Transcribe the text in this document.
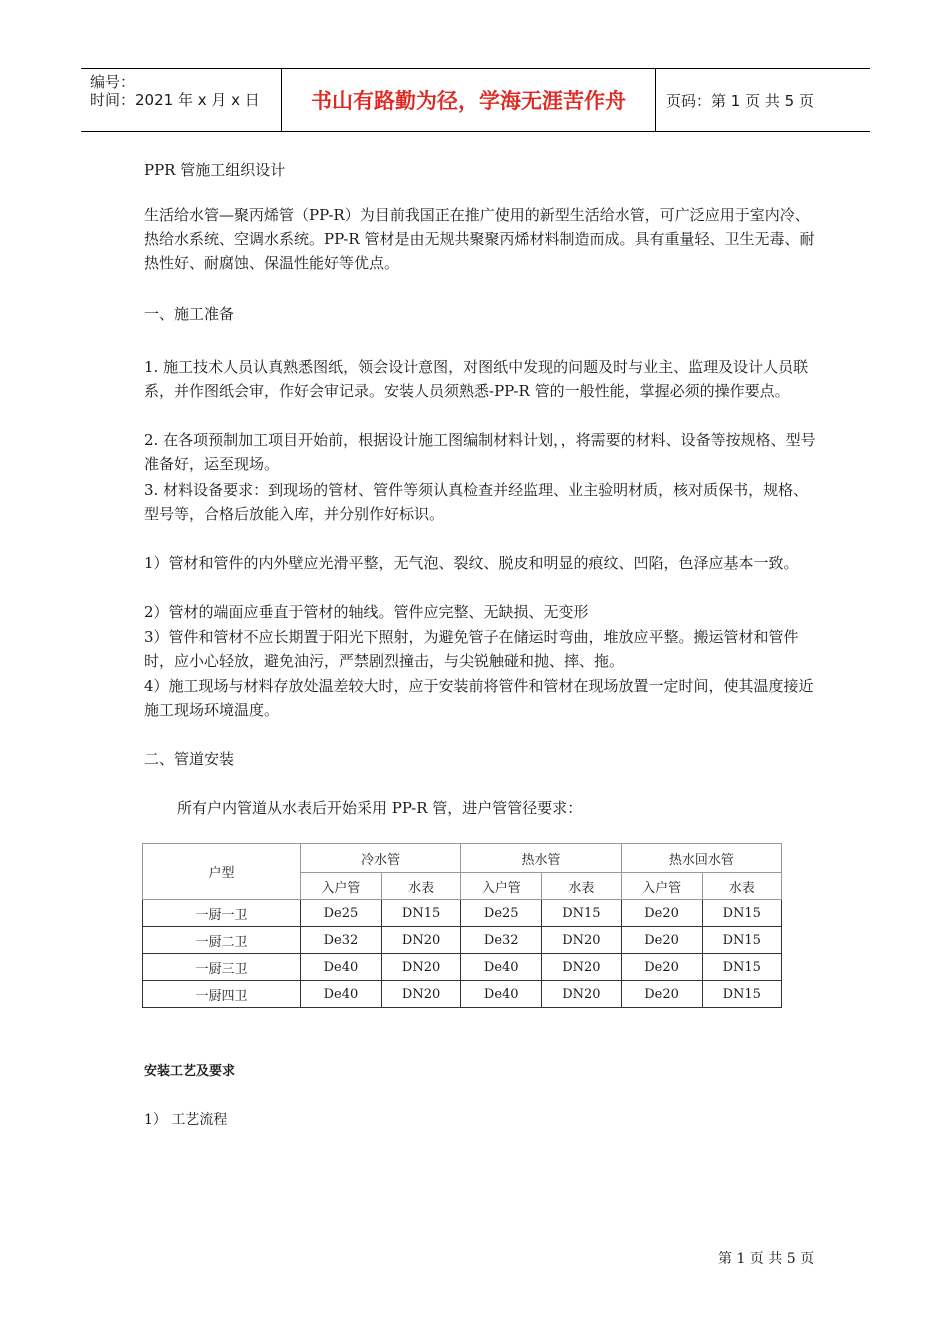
编号：
时间：2021 年 x 月 x 日	书山有路勤为径，学海无涯苦作舟	页码：第 1 页 共 5 页
PPR 管施工组织设计
生活给水管—聚丙烯管（PP-R）为目前我国正在推广使用的新型生活给水管，可广泛应用于室内冷、热给水系统、空调水系统。PP-R 管材是由无规共聚聚丙烯材料制造而成。具有重量轻、卫生无毒、耐热性好、耐腐蚀、保温性能好等优点。
一、施工准备
1. 施工技术人员认真熟悉图纸，领会设计意图，对图纸中发现的问题及时与业主、监理及设计人员联系，并作图纸会审，作好会审记录。安装人员须熟悉-PP-R 管的一般性能，掌握必须的操作要点。
2. 在各项预制加工项目开始前，根据设计施工图编制材料计划，，将需要的材料、设备等按规格、型号准备好，运至现场。
3. 材料设备要求：到现场的管材、管件等须认真检查并经监理、业主验明材质，核对质保书，规格、型号等，合格后放能入库，并分别作好标识。
1）管材和管件的内外壁应光滑平整，无气泡、裂纹、脱皮和明显的痕纹、凹陷，色泽应基本一致。
2）管材的端面应垂直于管材的轴线。管件应完整、无缺损、无变形
3）管件和管材不应长期置于阳光下照射，为避免管子在储运时弯曲，堆放应平整。搬运管材和管件时，应小心轻放，避免油污，严禁剧烈撞击，与尖锐触碰和抛、摔、拖。
4）施工现场与材料存放处温差较大时，应于安装前将管件和管材在现场放置一定时间，使其温度接近施工现场环境温度。
二、管道安装
所有户内管道从水表后开始采用 PP-R 管，进户管管径要求：
户型	冷水管		热水管		热水回水管	
	入户管	水表	入户管	水表	入户管	水表
一厨一卫	De25	DN15	De25	DN15	De20	DN15
一厨二卫	De32	DN20	De32	DN20	De20	DN15
一厨三卫	De40	DN20	De40	DN20	De20	DN15
一厨四卫	De40	DN20	De40	DN20	De20	DN15
安装工艺及要求
1） 工艺流程
第 1 页 共 5 页
